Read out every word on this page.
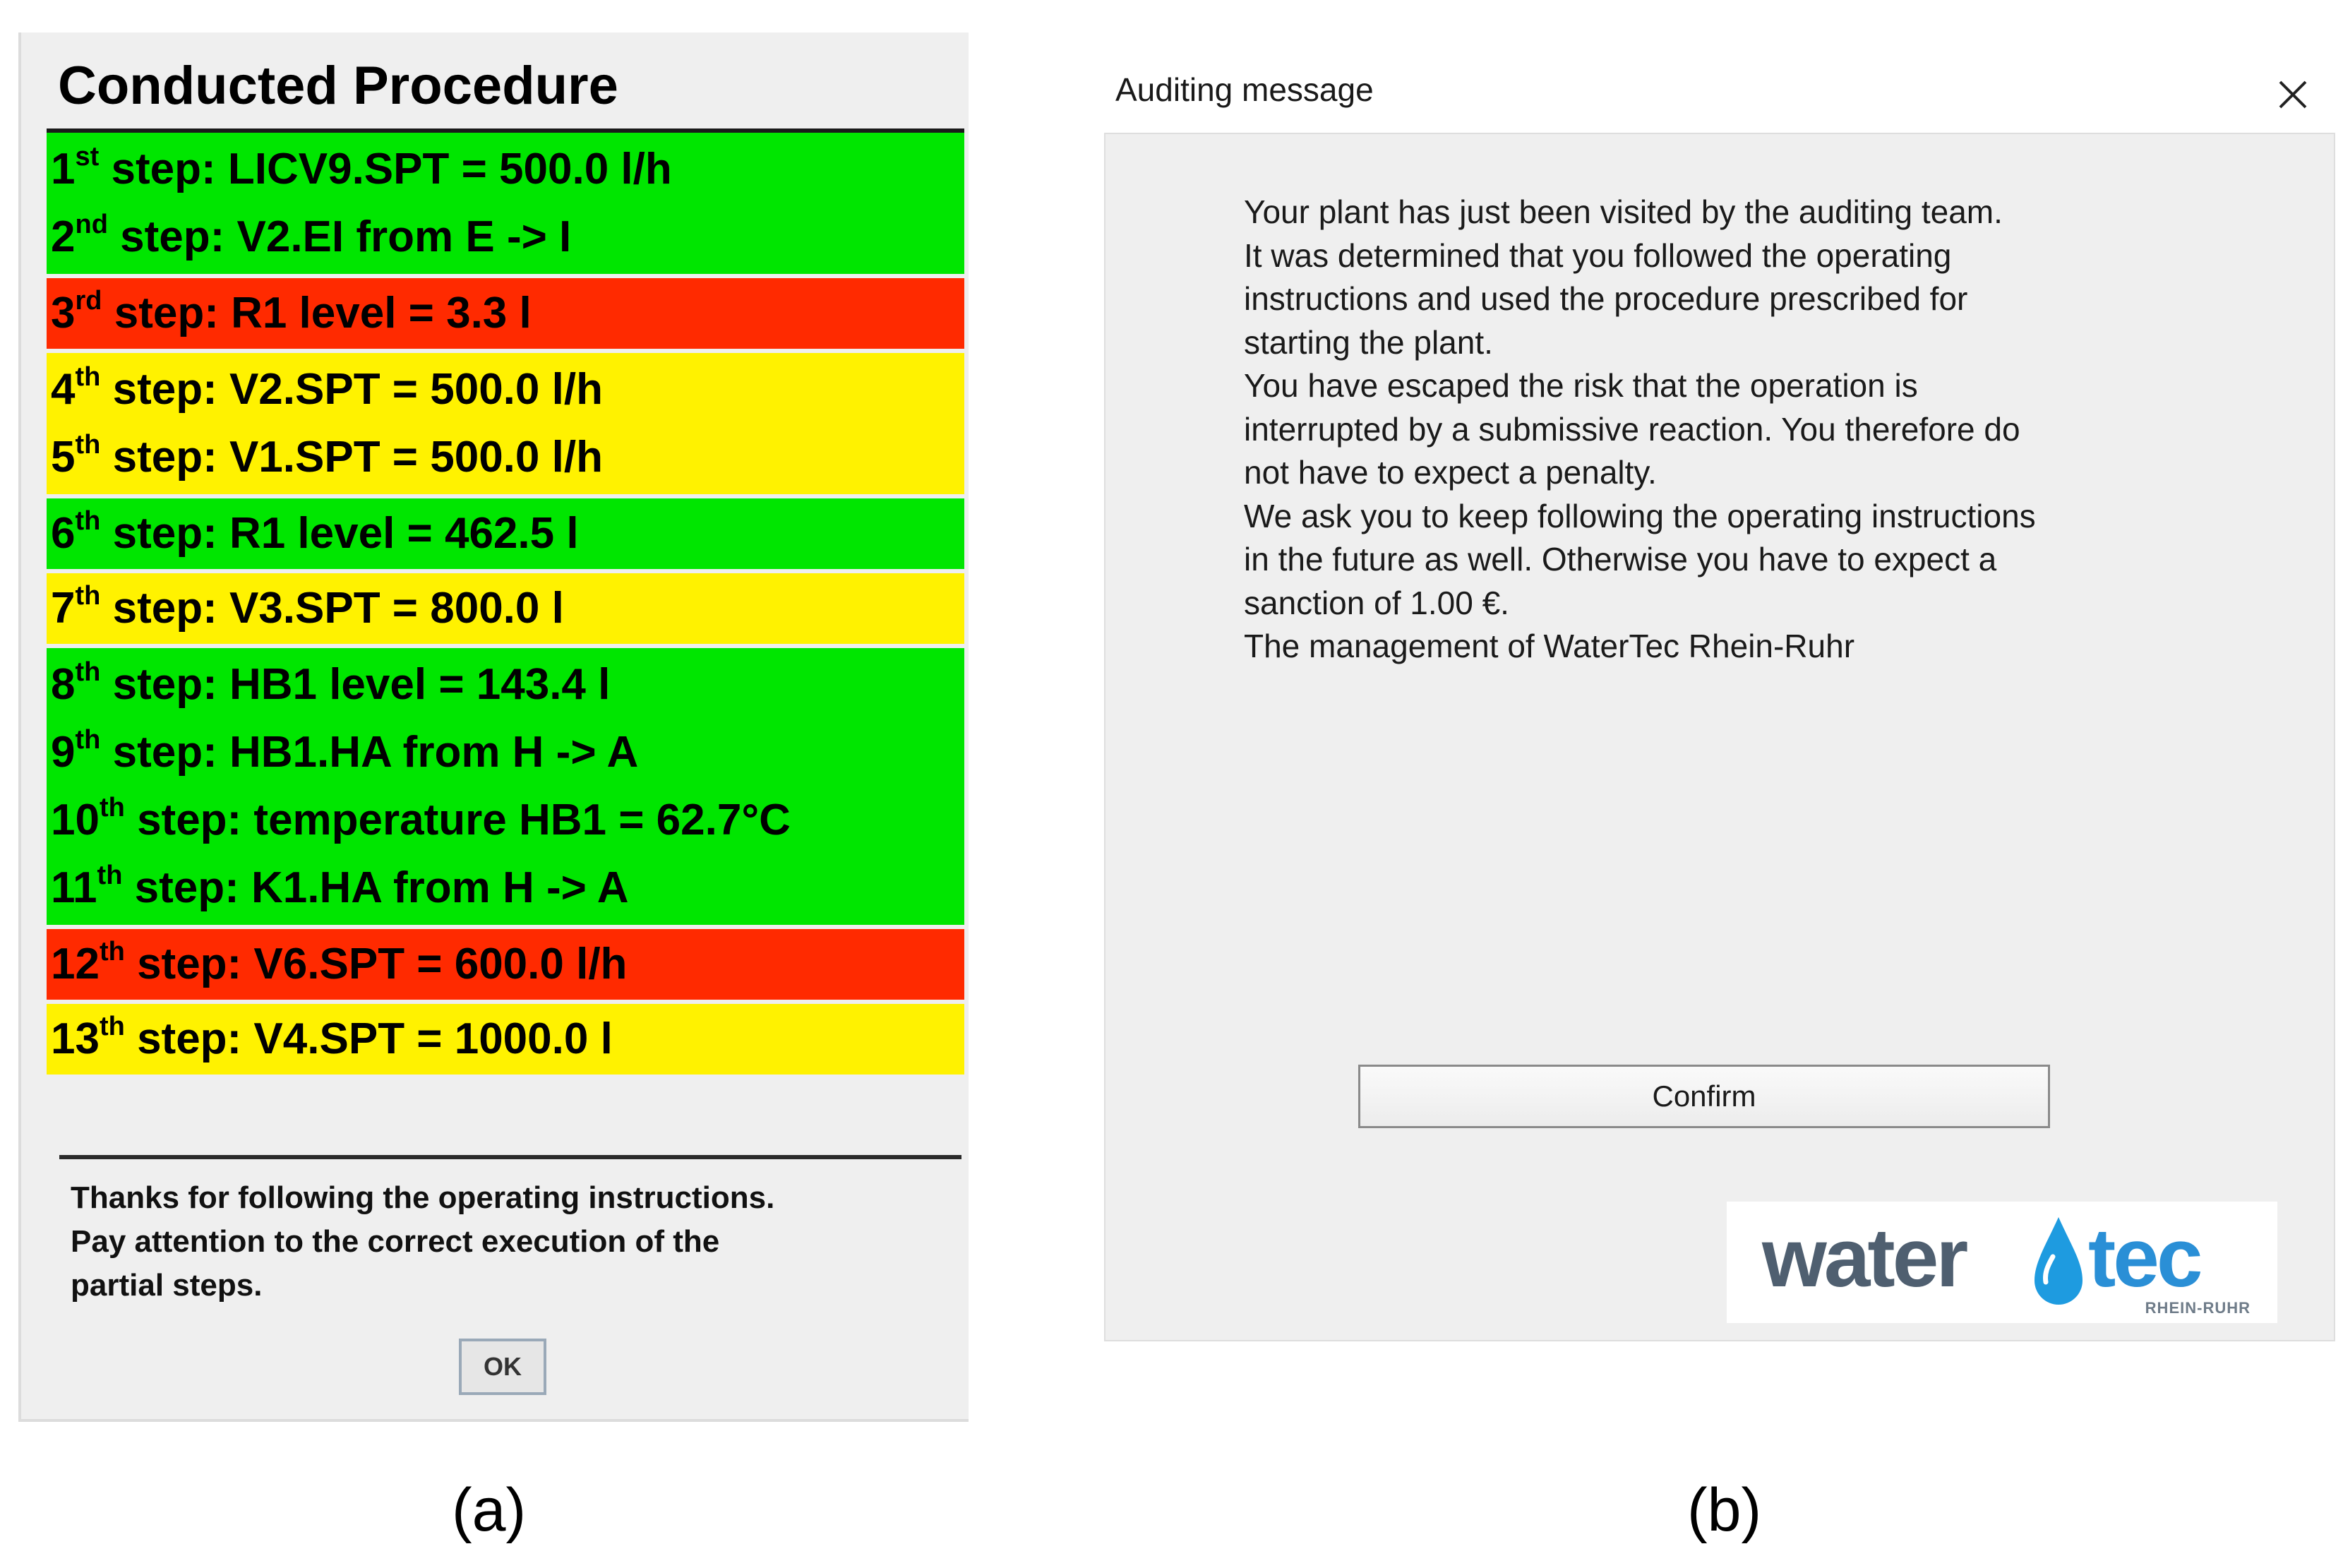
Conducted Procedure
1st step: LICV9.SPT = 500.0 l/h
2nd step: V2.EI from E -> I
3rd step: R1 level = 3.3 l
4th step: V2.SPT = 500.0 l/h
5th step: V1.SPT = 500.0 l/h
6th step: R1 level = 462.5 l
7th step: V3.SPT = 800.0 l
8th step: HB1 level = 143.4 l
9th step: HB1.HA from H -> A
10th step: temperature HB1 = 62.7°C
11th step: K1.HA from H -> A
12th step: V6.SPT = 600.0 l/h
13th step: V4.SPT = 1000.0 l
Thanks for following the operating instructions.
Pay attention to the correct execution of the
partial steps.
OK
Auditing message
Your plant has just been visited by the auditing team.
It was determined that you followed the operating
instructions and used the procedure prescribed for
starting the plant.
You have escaped the risk that the operation is
interrupted by a submissive reaction. You therefore do
not have to expect a penalty.
We ask you to keep following the operating instructions
in the future as well. Otherwise you have to expect a
sanction of 1.00 €.
The management of WaterTec Rhein-Ruhr
Confirm
water tec
RHEIN-RUHR
(a)	(b)
